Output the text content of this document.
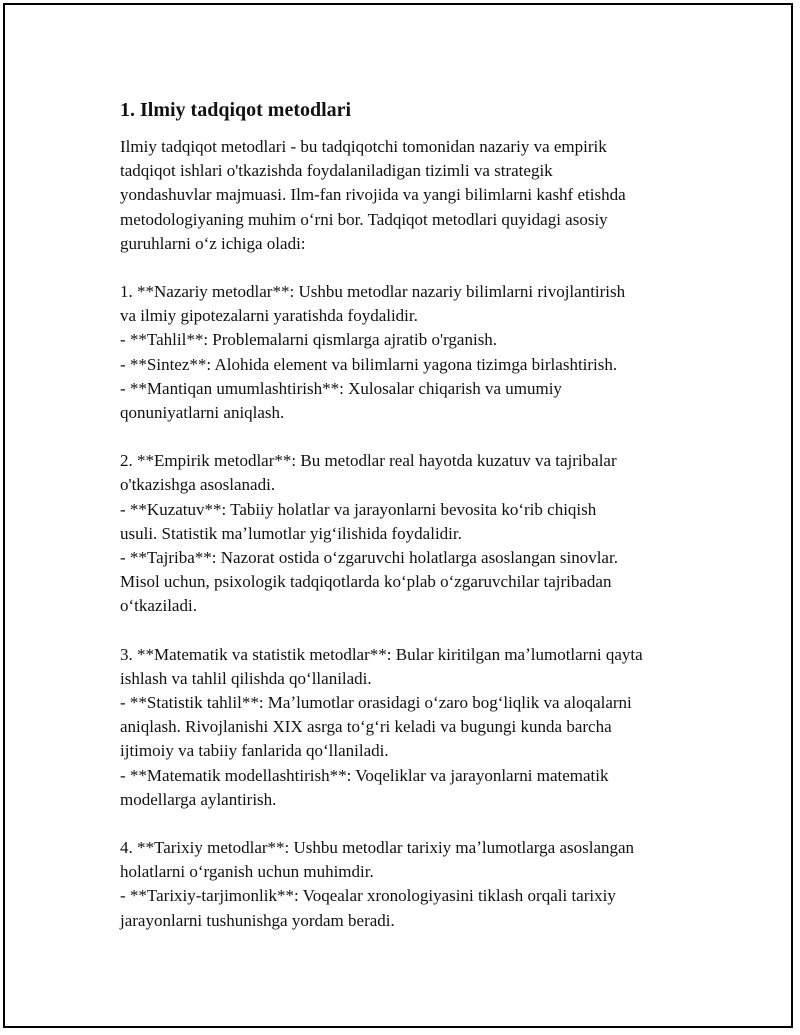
1. Ilmiy tadqiqot metodlari

Ilmiy tadqiqot metodlari - bu tadqiqotchi tomonidan nazariy va empirik
tadqiqot ishlari o'tkazishda foydalaniladigan tizimli va strategik
yondashuvlar majmuasi. Ilm-fan rivojida va yangi bilimlarni kashf etishda
metodologiyaning muhim oʻrni bor. Tadqiqot metodlari quyidagi asosiy
guruhlarni oʻz ichiga oladi:

1. **Nazariy metodlar**: Ushbu metodlar nazariy bilimlarni rivojlantirish
va ilmiy gipotezalarni yaratishda foydalidir.
- **Tahlil**: Problemalarni qismlarga ajratib o'rganish.
- **Sintez**: Alohida element va bilimlarni yagona tizimga birlashtirish.
- **Mantiqan umumlashtirish**: Xulosalar chiqarish va umumiy
qonuniyatlarni aniqlash.

2. **Empirik metodlar**: Bu metodlar real hayotda kuzatuv va tajribalar
o'tkazishga asoslanadi.
- **Kuzatuv**: Tabiiy holatlar va jarayonlarni bevosita koʻrib chiqish
usuli. Statistik maʼlumotlar yigʻilishida foydalidir.
- **Tajriba**: Nazorat ostida oʻzgaruvchi holatlarga asoslangan sinovlar.
Misol uchun, psixologik tadqiqotlarda koʻplab oʻzgaruvchilar tajribadan
oʻtkaziladi.

3. **Matematik va statistik metodlar**: Bular kiritilgan maʼlumotlarni qayta
ishlash va tahlil qilishda qoʻllaniladi.
- **Statistik tahlil**: Maʼlumotlar orasidagi oʻzaro bogʻliqlik va aloqalarni
aniqlash. Rivojlanishi XIX asrga toʻgʻri keladi va bugungi kunda barcha
ijtimoiy va tabiiy fanlarida qoʻllaniladi.
- **Matematik modellashtirish**: Voqeliklar va jarayonlarni matematik
modellarga aylantirish.

4. **Tarixiy metodlar**: Ushbu metodlar tarixiy maʼlumotlarga asoslangan
holatlarni oʻrganish uchun muhimdir.
- **Tarixiy-tarjimonlik**: Voqealar xronologiyasini tiklash orqali tarixiy
jarayonlarni tushunishga yordam beradi.
